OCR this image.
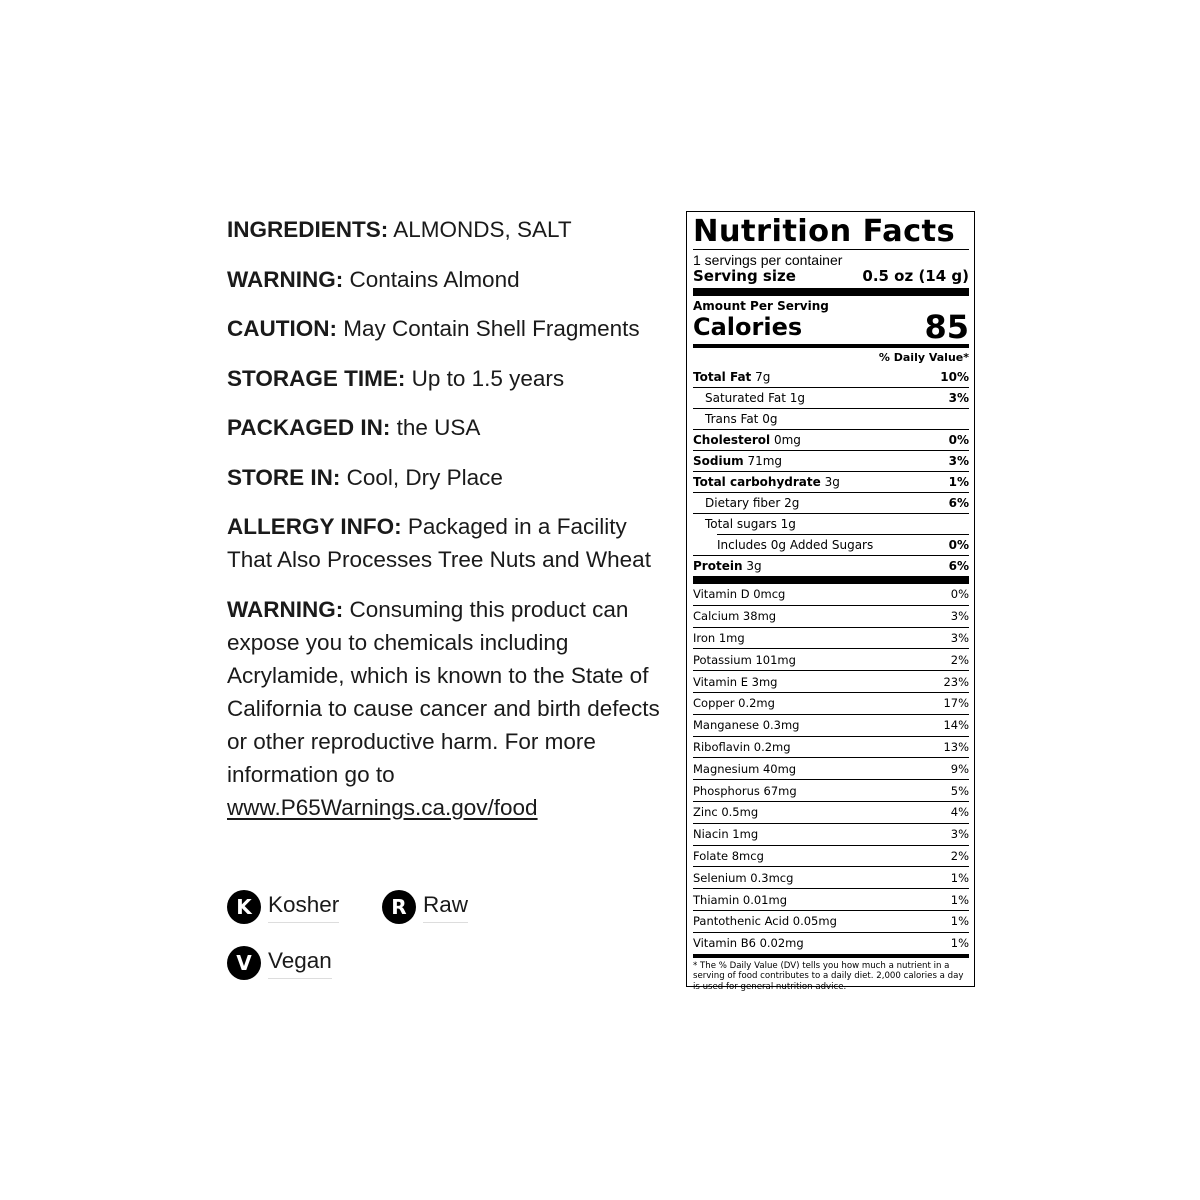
INGREDIENTS: ALMONDS, SALT
WARNING: Contains Almond
CAUTION: May Contain Shell Fragments
STORAGE TIME: Up to 1.5 years
PACKAGED IN: the USA
STORE IN: Cool, Dry Place
ALLERGY INFO: Packaged in a Facility That Also Processes Tree Nuts and Wheat
WARNING: Consuming this product can expose you to chemicals including Acrylamide, which is known to the State of California to cause cancer and birth defects or other reproductive harm. For more information go to www.P65Warnings.ca.gov/food
K Kosher	R Raw
V Vegan
Nutrition Facts
1 servings per container
Serving size	0.5 oz (14 g)
Amount Per Serving
Calories	85
% Daily Value*
Total Fat 7g	10%
Saturated Fat 1g	3%
Trans Fat 0g
Cholesterol 0mg	0%
Sodium 71mg	3%
Total carbohydrate 3g	1%
Dietary fiber 2g	6%
Total sugars 1g
Includes 0g Added Sugars	0%
Protein 3g	6%
Vitamin D 0mcg	0%
Calcium 38mg	3%
Iron 1mg	3%
Potassium 101mg	2%
Vitamin E 3mg	23%
Copper 0.2mg	17%
Manganese 0.3mg	14%
Riboflavin 0.2mg	13%
Magnesium 40mg	9%
Phosphorus 67mg	5%
Zinc 0.5mg	4%
Niacin 1mg	3%
Folate 8mcg	2%
Selenium 0.3mcg	1%
Thiamin 0.01mg	1%
Pantothenic Acid 0.05mg	1%
Vitamin B6 0.02mg	1%
* The % Daily Value (DV) tells you how much a nutrient in a serving of food contributes to a daily diet. 2,000 calories a day is used for general nutrition advice.
